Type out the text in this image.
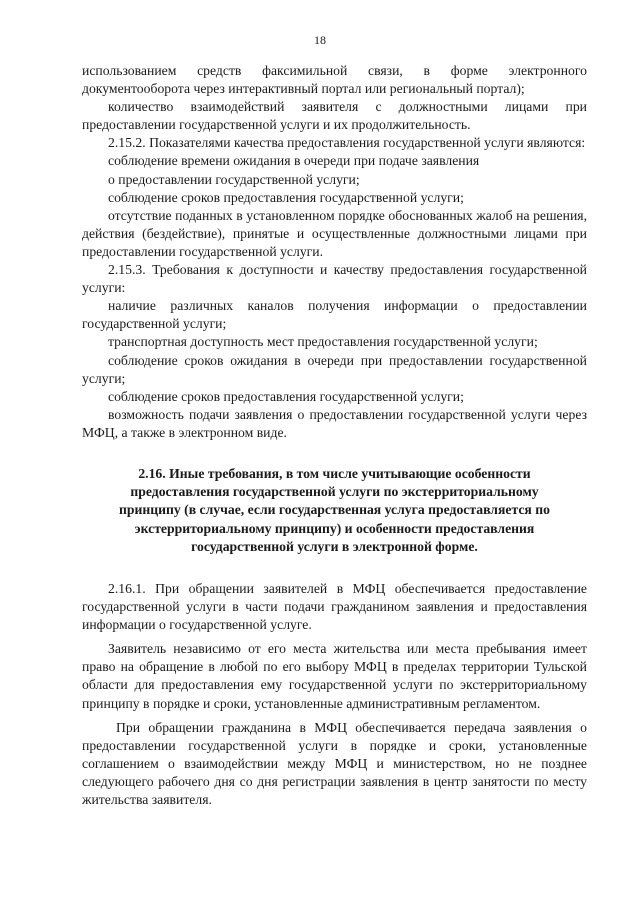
18

использованием средств факсимильной связи, в форме электронного документооборота через интерактивный портал или региональный портал);

количество взаимодействий заявителя с должностными лицами при предоставлении государственной услуги и их продолжительность.

2.15.2. Показателями качества предоставления государственной услуги являются:

соблюдение времени ожидания в очереди при подаче заявления

о предоставлении государственной услуги;

соблюдение сроков предоставления государственной услуги;

отсутствие поданных в установленном порядке обоснованных жалоб на решения, действия (бездействие), принятые и осуществленные должностными лицами при предоставлении государственной услуги.

2.15.3. Требования к доступности и качеству предоставления государственной услуги:

наличие различных каналов получения информации о предоставлении государственной услуги;

транспортная доступность мест предоставления государственной услуги;

соблюдение сроков ожидания в очереди при предоставлении государственной услуги;

соблюдение сроков предоставления государственной услуги;

возможность подачи заявления о предоставлении государственной услуги через МФЦ, а также в электронном виде.

2.16. Иные требования, в том числе учитывающие особенности
предоставления государственной услуги по экстерриториальному
принципу (в случае, если государственная услуга предоставляется по
экстерриториальному принципу) и особенности предоставления
государственной услуги в электронной форме.

2.16.1. При обращении заявителей в МФЦ обеспечивается предоставление государственной услуги в части подачи гражданином заявления и предоставления информации о государственной услуге.

Заявитель независимо от его места жительства или места пребывания имеет право на обращение в любой по его выбору МФЦ в пределах территории Тульской области для предоставления ему государственной услуги по экстерриториальному принципу в порядке и сроки, установленные административным регламентом.

При обращении гражданина в МФЦ обеспечивается передача заявления о предоставлении государственной услуги в порядке и сроки, установленные соглашением о взаимодействии между МФЦ и министерством, но не позднее следующего рабочего дня со дня регистрации заявления в центр занятости по месту жительства заявителя.
